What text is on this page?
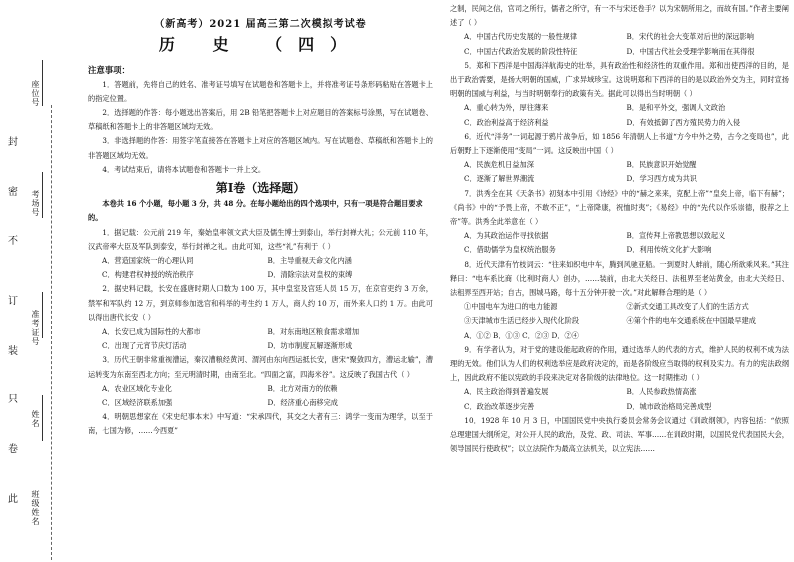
封
密
不
订
装
只
卷
此
座位号
考场号
准考证号
姓名
班级姓名
（新高考）2021 届高三第二次模拟考试卷
历 史 （四）
注意事项：

1．答题前，先将自己的姓名、准考证号填写在试题卷和答题卡上，并将准考证号条形码粘贴在答题卡上的指定位置。

2．选择题的作答：每小题选出答案后，用 2B 铅笔把答题卡上对应题目的答案标号涂黑，写在试题卷、草稿纸和答题卡上的非答题区域均无效。

3．非选择题的作答：用签字笔直接答在答题卡上对应的答题区域内。写在试题卷、草稿纸和答题卡上的非答题区域均无效。

4．考试结束后，请将本试题卷和答题卡一并上交。

第Ⅰ卷（选择题）

本卷共 16 个小题，每小题 3 分，共 48 分。在每小题给出的四个选项中，只有一项是符合题目要求的。

1．据记载：公元前 219 年，秦始皇率领文武大臣及儒生博士到泰山，举行封禅大礼；公元前 110 年，汉武帝率大臣及军队到泰安，举行封禅之礼。由此可知，这些“礼”有利于（ ）

A．营造国家统一的心理认同	B．主导重视天命文化内涵
C．构建君权神授的统治秩序	D．清除宗法对皇权的束缚

2．据史料记载，长安在盛唐时期人口数为 100 万，其中皇室及宫廷人员 15 万，在京官吏约 3 万余，禁军和军队约 12 万，到京师参加选官和科举的考生约 1 万人，商人约 10 万，而外来人口约 1 万。由此可以得出唐代长安（ ）

A．长安已成为国际性的大都市	B．对东南地区粮食需求增加
C．出现了元宵节庆灯活动	D．坊市制度瓦解逐渐形成

3．历代王朝非常重视漕运，秦汉漕粮经黄河、渭河由东向西运抵长安，唐宋“聚敛四方，漕运北输”，漕运转变为东南至西北方向；至元明清时期，由南至北。“四面之富，四海米谷”。这反映了我国古代（ ）

A．农业区域化专业化	B．北方对南方的依赖
C．区域经济联系加强	D．经济重心南移完成

4．明朝思想家在《宋史纪事本末》中写道：“宋承四代，其交之大者有三：鸿学一变而为理学，以至于南，七国为修，……今西夏”

之制，民间之信，官司之所行，儒者之所守，有一不与宋还卷手？以为宋朝所用之，而故有国。”作者主要阐述了（ ）

A．中国古代历史发展的一般性规律	B．宋代的社会大变革对后世的深远影响
C．中国古代政治发展的阶段性特征	D．中国古代社会受理学影响而在其得很

5．郑和下西洋是中国海洋航海史的壮举，具有政治性和经济性的双重作用。郑和出使西洋的目的，是出于政治需要，是扬大明朝的国威，广求异域珍宝。这说明郑和下西洋的目的是以政治外交为主，同时宣扬明朝的国威与利益，与当时明朝奉行的政策有关。据此可以得出当时明朝（ ）

A．重心转为外，厚往薄来	B．是和平外交，强调人文政治
C．政治利益高于经济利益	D．有效抵御了西方殖民势力的入侵

6．近代“洋务”一词起源于鸦片战争后，如 1856 年清朝人上书道“方今中外之势，古今之变局也”，此后朝野上下逐渐使用“变局”一词。这反映出中国（ ）

A．民族危机日益加深	B．民族意识开始觉醒
C．逐渐了解世界潮流	D．学习西方成为共识

7．洪秀全在其《天条书》初刻本中引用《诗经》中的“赫之来来，克配上帝”“皇矣上帝，临下有赫”；《尚书》中的“予畏上帝，不敢不正”，“上帝降康，祝恤时夷”；《易经》中的“先代以作乐崇德，殷荐之上帝”等。洪秀全此举意在（ ）

A．为其政治运作寻找依据	B．宣传拜上帝教思想以致起义
C．借助儒学为皇权统治服务	D．利用传统文化扩大影响

8．近代天津有竹枝词云：“往来如织电中车，腾到风驰亚船。一到夏时人蚌前，随心所欲乘风来。”其注释曰：“电车系比商（比利时商人）创办，……装前，由北大关经日、法租界至老站黄金，由北大关经日、法租界至西开站；自古，围城马路，每十五分钟开驶一次。”对此解释合理的是（ ）

①中国电车为进口的电力能源	②新式交通工具改变了人们的生活方式
③天津城市生活已经步入现代化阶段	④第个件的电车交通系统在中国最早建成
A．①② B．①③ C．②③ D．②④

9．有学者认为，对于党的建设能起政府的作用，通过选举人的代表的方式，维护人民的权利不成为法理的无效。他们认为人们的权利选举应是政府决定的，而是各阶级应当取得的权利及实力。有力的宪法政纲上，因此政府不能以宪政的手段来决定对各阶级的法律地位。这一时期推动（ ）

A．民主政治得到普遍发展	B．人民参政热情高涨
C．政治改革逐步完善	D．城市政治格局完善成型

10．1928 年 10 月 3 日，中国国民党中央执行委员会常务会议通过《训政纲领》，内容包括：“依照总理建国大纲所定，对公开人民的政治，及党、政、司法、军事……在训政时期，以国民党代表国民大会，领导国民行使政权”；以立法院作为最高立法机关，以立宪法……
